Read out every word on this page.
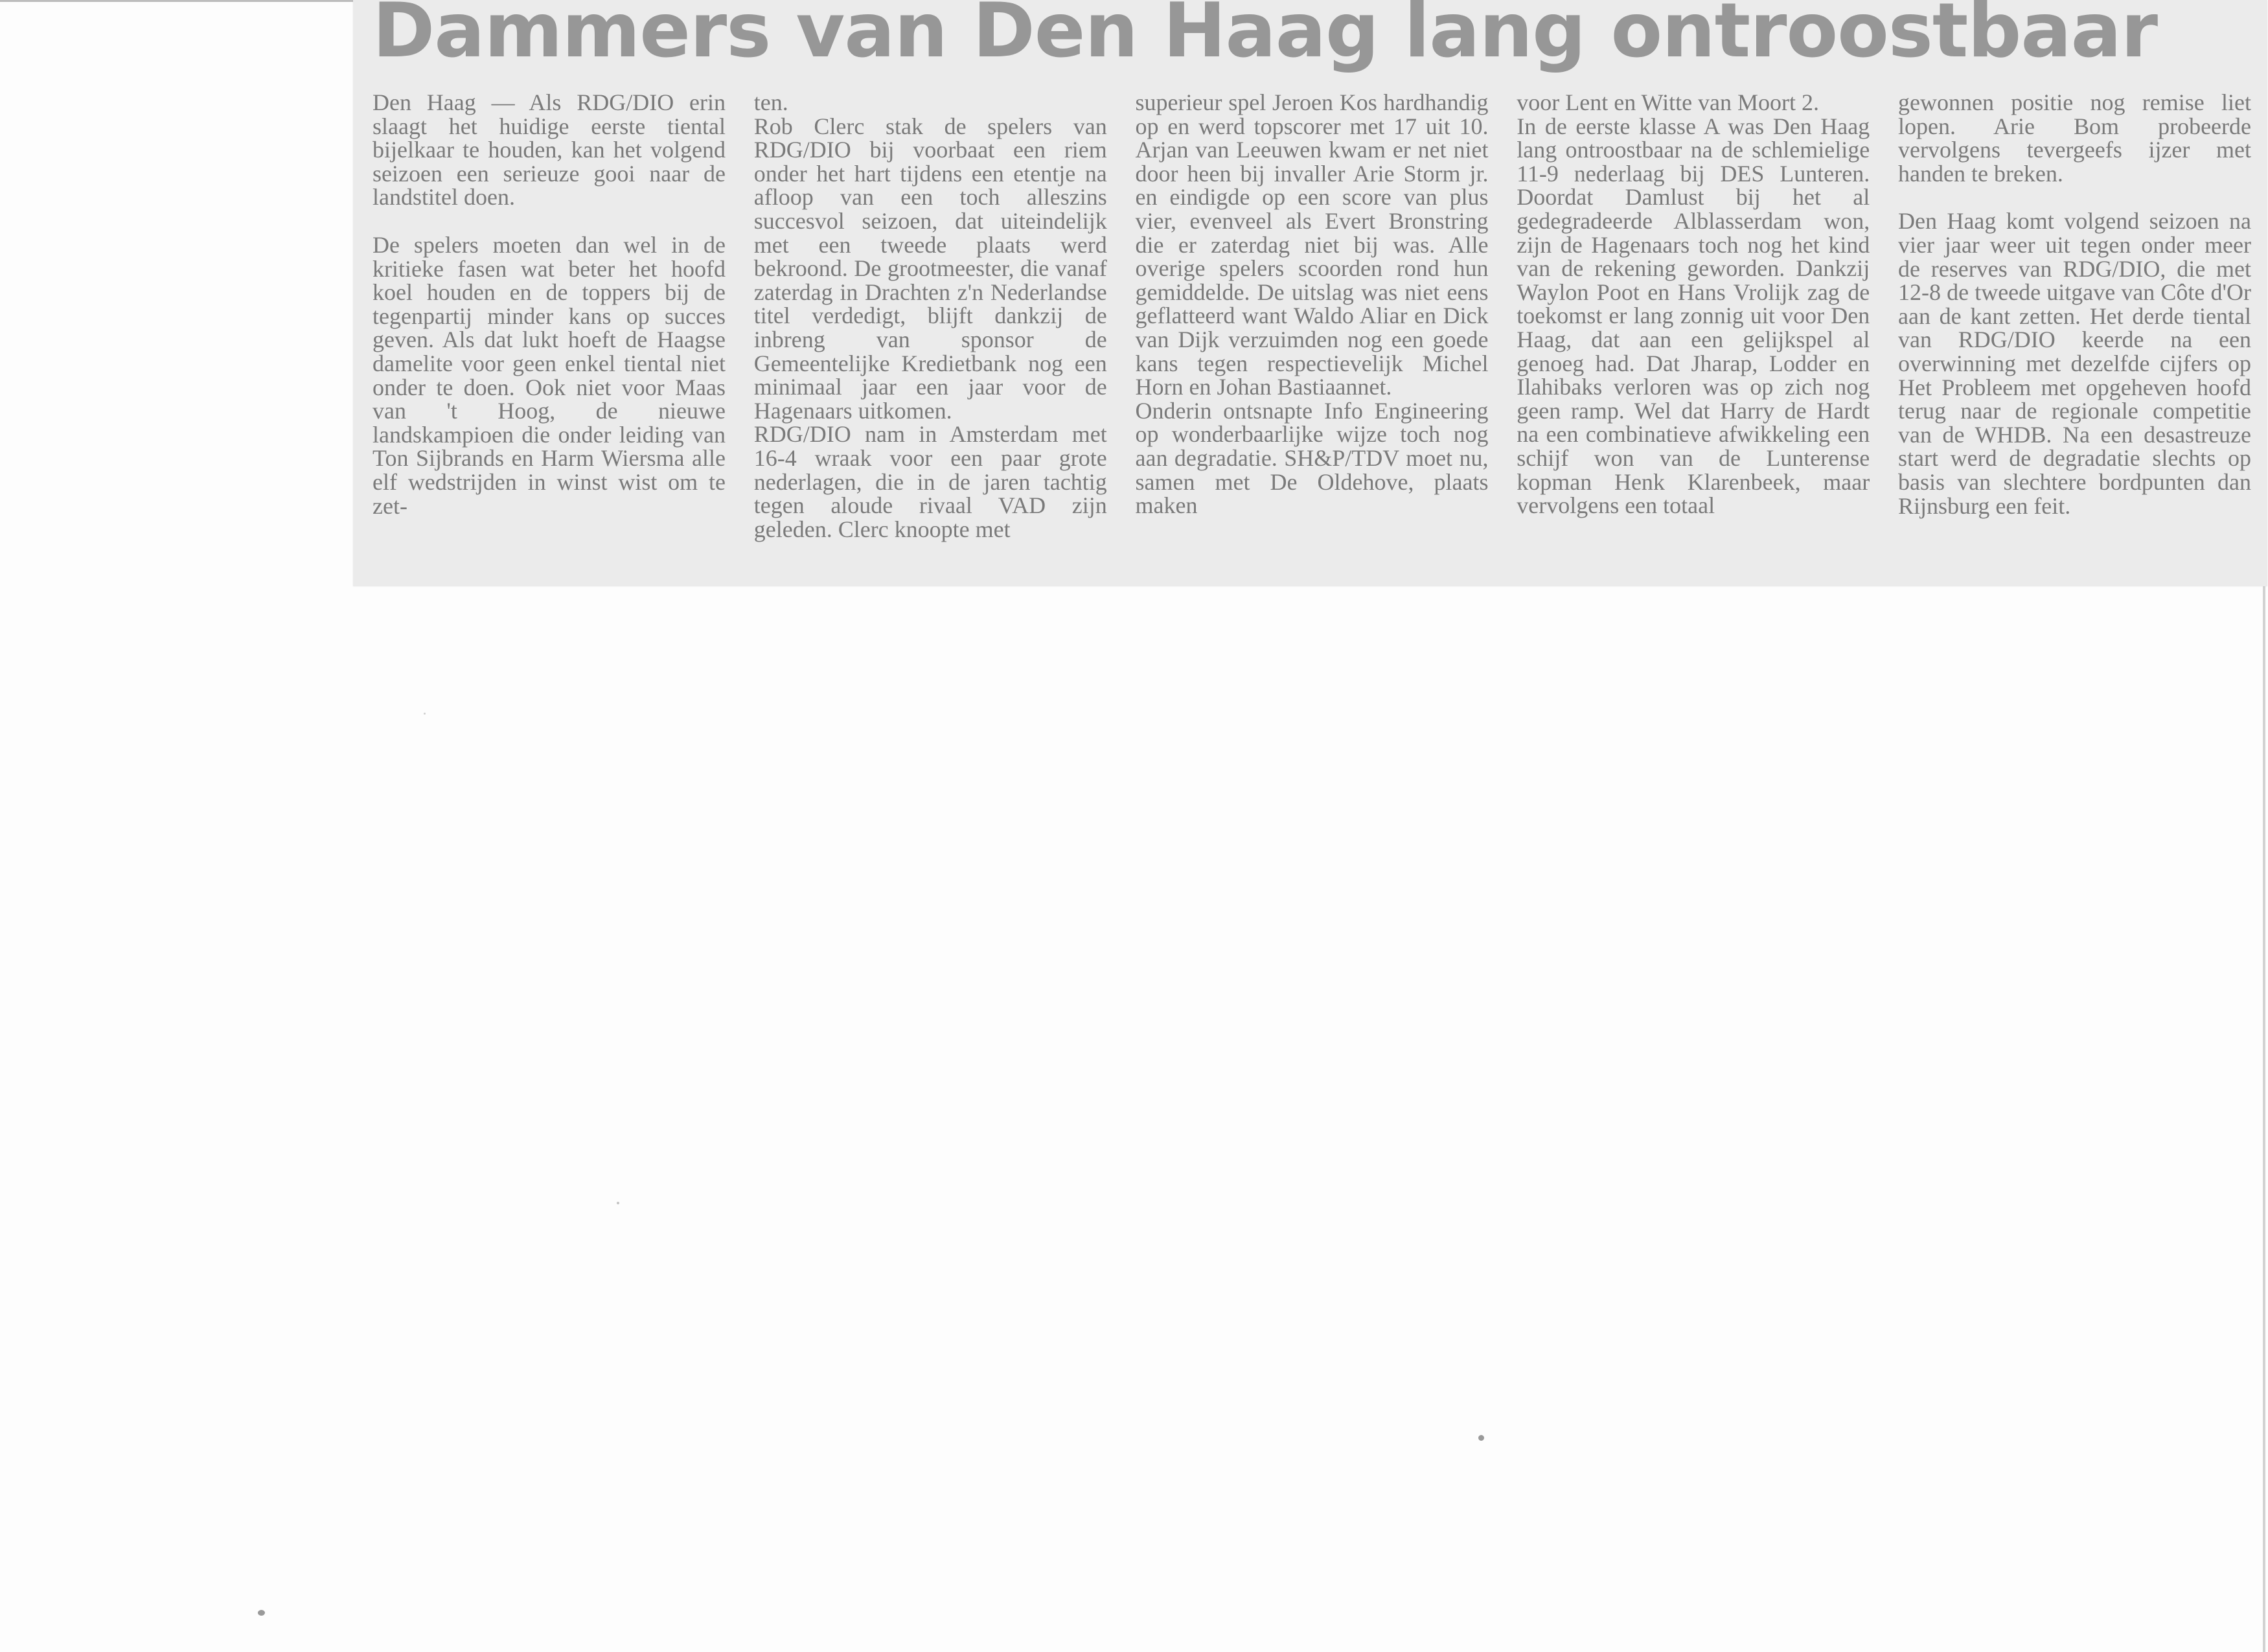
Dammers van Den Haag lang ontroostbaar

Den Haag — Als RDG/DIO erin slaagt het huidige eerste tiental bijelkaar te houden, kan het volgend seizoen een serieuze gooi naar de landstitel doen.

De spelers moeten dan wel in de kritieke fasen wat beter het hoofd koel houden en de toppers bij de tegenpartij minder kans op succes geven. Als dat lukt hoeft de Haagse damelite voor geen enkel tiental niet onder te doen. Ook niet voor Maas van 't Hoog, de nieuwe landskampioen die onder leiding van Ton Sijbrands en Harm Wiersma alle elf wedstrijden in winst wist om te zet-

ten.

Rob Clerc stak de spelers van RDG/DIO bij voorbaat een riem onder het hart tijdens een etentje na afloop van een toch alleszins succesvol seizoen, dat uiteindelijk met een tweede plaats werd bekroond. De grootmeester, die vanaf zaterdag in Drachten z'n Nederlandse titel verdedigt, blijft dankzij de inbreng van sponsor de Gemeentelijke Kredietbank nog een minimaal jaar een jaar voor de Hagenaars uitkomen.

RDG/DIO nam in Amsterdam met 16-4 wraak voor een paar grote nederlagen, die in de jaren tachtig tegen aloude rivaal VAD zijn geleden. Clerc knoopte met

superieur spel Jeroen Kos hardhandig op en werd topscorer met 17 uit 10. Arjan van Leeuwen kwam er net niet door heen bij invaller Arie Storm jr. en eindigde op een score van plus vier, evenveel als Evert Bronstring die er zaterdag niet bij was. Alle overige spelers scoorden rond hun gemiddelde. De uitslag was niet eens geflatteerd want Waldo Aliar en Dick van Dijk verzuimden nog een goede kans tegen respectievelijk Michel Horn en Johan Bastiaannet.

Onderin ontsnapte Info Engineering op wonderbaarlijke wijze toch nog aan degradatie. SH&P/TDV moet nu, samen met De Oldehove, plaats maken

voor Lent en Witte van Moort 2.

In de eerste klasse A was Den Haag lang ontroostbaar na de schlemielige 11-9 nederlaag bij DES Lunteren. Doordat Damlust bij het al gedegradeerde Alblasserdam won, zijn de Hagenaars toch nog het kind van de rekening geworden. Dankzij Waylon Poot en Hans Vrolijk zag de toekomst er lang zonnig uit voor Den Haag, dat aan een gelijkspel al genoeg had. Dat Jharap, Lodder en Ilahibaks verloren was op zich nog geen ramp. Wel dat Harry de Hardt na een combinatieve afwikkeling een schijf won van de Lunterense kopman Henk Klarenbeek, maar vervolgens een totaal

gewonnen positie nog remise liet lopen. Arie Bom probeerde vervolgens tevergeefs ijzer met handen te breken.

Den Haag komt volgend seizoen na vier jaar weer uit tegen onder meer de reserves van RDG/DIO, die met 12-8 de tweede uitgave van Côte d'Or aan de kant zetten. Het derde tiental van RDG/DIO keerde na een overwinning met dezelfde cijfers op Het Probleem met opgeheven hoofd terug naar de regionale competitie van de WHDB. Na een desastreuze start werd de degradatie slechts op basis van slechtere bordpunten dan Rijnsburg een feit.
